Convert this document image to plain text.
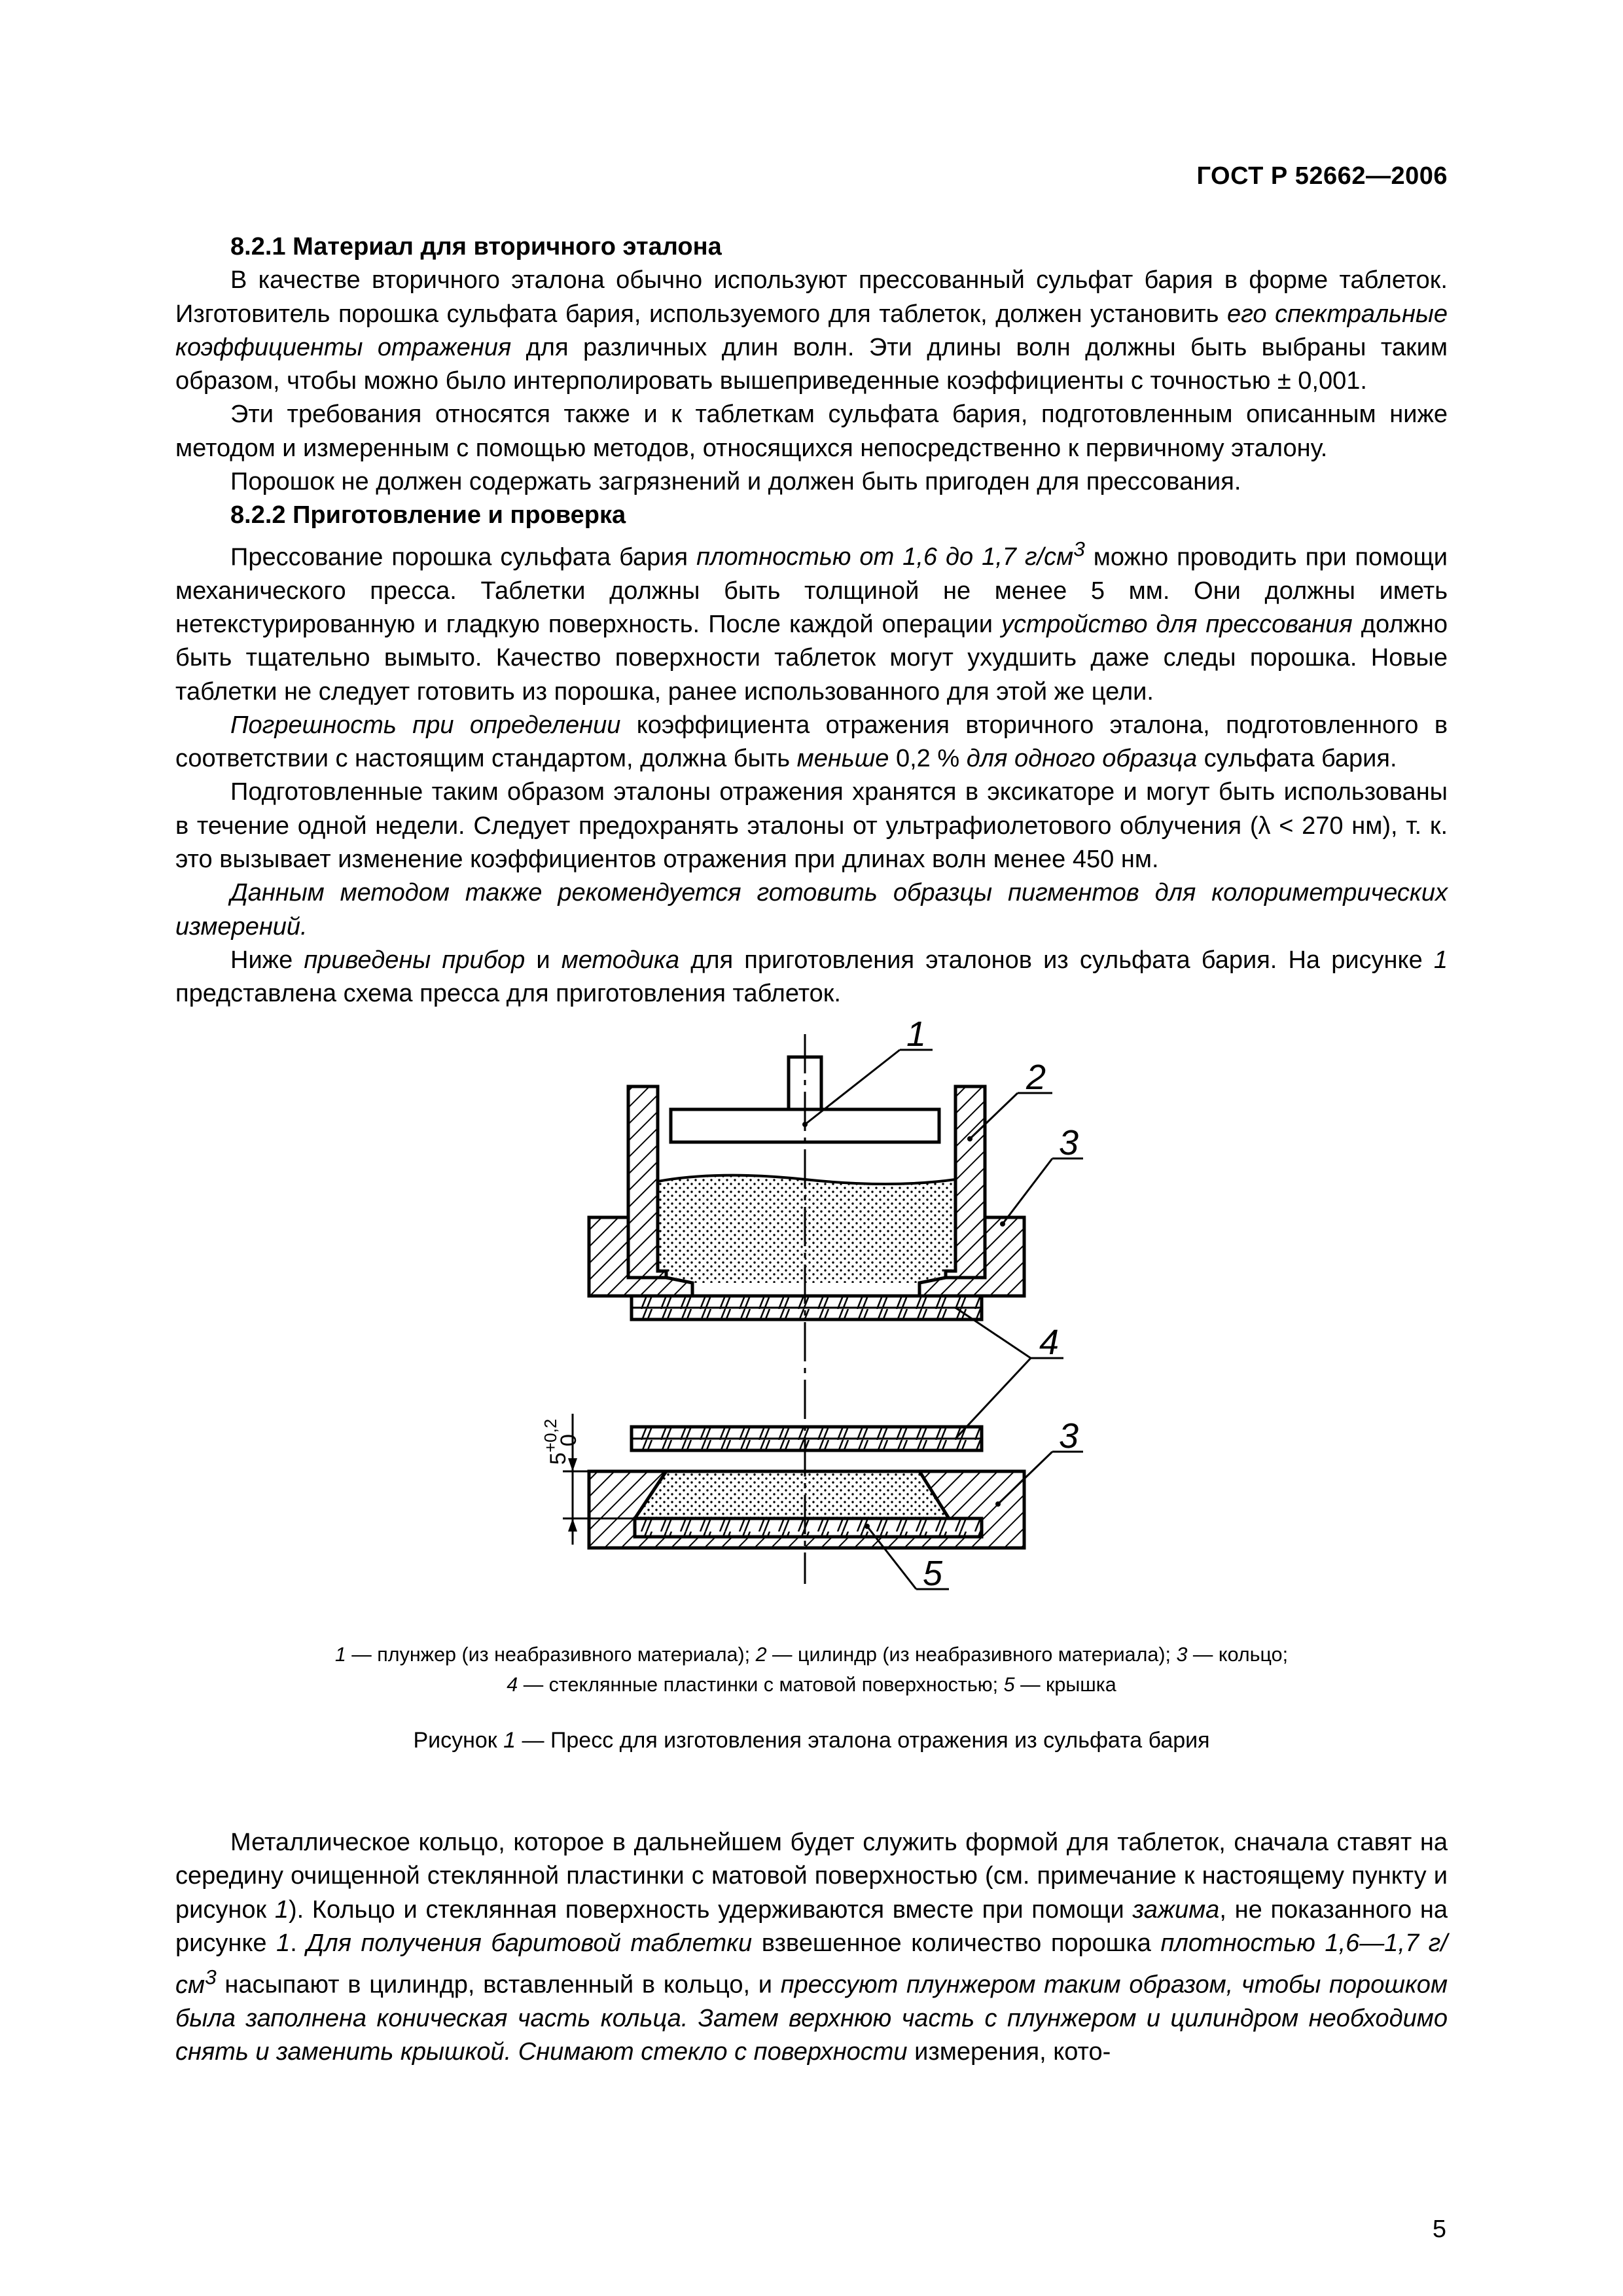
ГОСТ Р 52662—2006

8.2.1 Материал для вторичного эталона

В качестве вторичного эталона обычно используют прессованный сульфат бария в форме таблеток. Изготовитель порошка сульфата бария, используемого для таблеток, должен установить его спектральные коэффициенты отражения для различных длин волн. Эти длины волн должны быть выбраны таким образом, чтобы можно было интерполировать вышеприведенные коэффициенты с точностью ± 0,001.

Эти требования относятся также и к таблеткам сульфата бария, подготовленным описанным ниже методом и измеренным с помощью методов, относящихся непосредственно к первичному эталону.

Порошок не должен содержать загрязнений и должен быть пригоден для прессования.

8.2.2 Приготовление и проверка

Прессование порошка сульфата бария плотностью от 1,6 до 1,7 $г/см^3$ можно проводить при помощи механического пресса. Таблетки должны быть толщиной не менее 5 мм. Они должны иметь нетекстурированную и гладкую поверхность. После каждой операции устройство для прессования должно быть тщательно вымыто. Качество поверхности таблеток могут ухудшить даже следы порошка. Новые таблетки не следует готовить из порошка, ранее использованного для этой же цели.

Погрешность при определении коэффициента отражения вторичного эталона, подготовленного в соответствии с настоящим стандартом, должна быть меньше 0,2 % для одного образца сульфата бария.

Подготовленные таким образом эталоны отражения хранятся в эксикаторе и могут быть использованы в течение одной недели. Следует предохранять эталоны от ультрафиолетового облучения (λ < 270 нм), т. к. это вызывает изменение коэффициентов отражения при длинах волн менее 450 нм.

Данным методом также рекомендуется готовить образцы пигментов для колориметрических измерений.

Ниже приведены прибор и методика для приготовления эталонов из сульфата бария. На рисунке 1 представлена схема пресса для приготовления таблеток.

$5^{+0,2}$
0
1
2
3
4
3
5
1 — плунжер (из неабразивного материала); 2 — цилиндр (из неабразивного материала); 3 — кольцо;
4 — стеклянные пластинки с матовой поверхностью; 5 — крышка
Рисунок 1 — Пресс для изготовления эталона отражения из сульфата бария

Металлическое кольцо, которое в дальнейшем будет служить формой для таблеток, сначала ставят на середину очищенной стеклянной пластинки с матовой поверхностью (см. примечание к настоящему пункту и рисунок 1). Кольцо и стеклянная поверхность удерживаются вместе при помощи зажима, не показанного на рисунке 1. Для получения баритовой таблетки взвешенное количество порошка плотностью 1,6—1,7 $г/см^3$ насыпают в цилиндр, вставленный в кольцо, и прессуют плунжером таким образом, чтобы порошком была заполнена коническая часть кольца. Затем верхнюю часть с плунжером и цилиндром необходимо снять и заменить крышкой. Снимают стекло с поверхности измерения, кото-

5
